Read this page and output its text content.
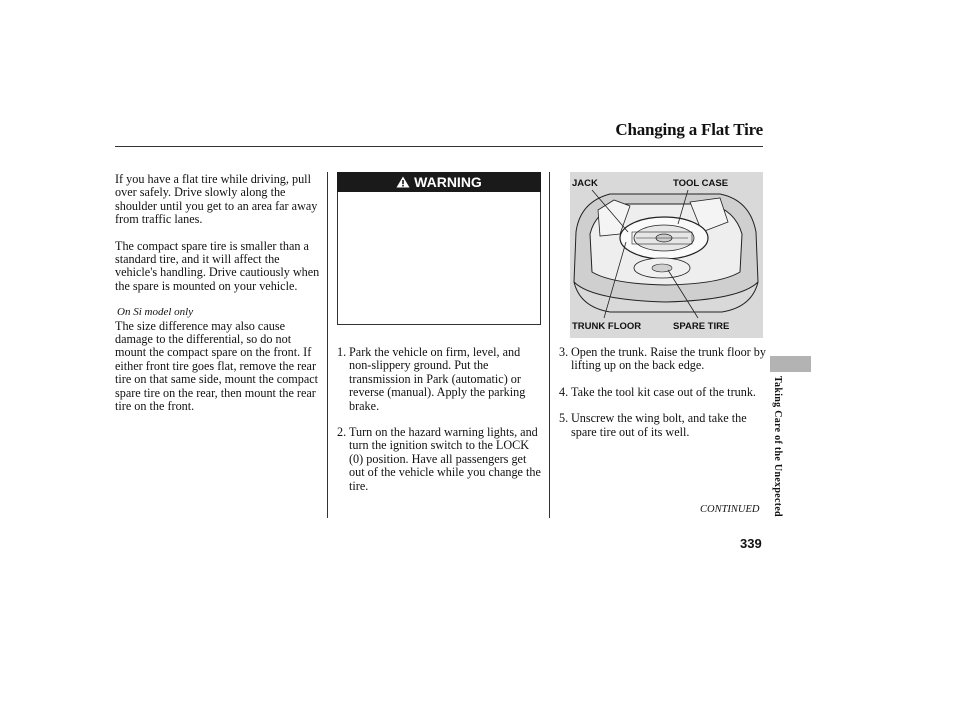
Changing a Flat Tire

If you have a flat tire while driving, pull over safely. Drive slowly along the shoulder until you get to an area far away from traffic lanes.

The compact spare tire is smaller than a standard tire, and it will affect the vehicle's handling. Drive cautiously when the spare is mounted on your vehicle.

On Si model only

The size difference may also cause damage to the differential, so do not mount the compact spare on the front. If either front tire goes flat, remove the rear tire on that same side, mount the compact spare tire on the rear, then mount the rear tire on the front.

WARNING
1. Park the vehicle on firm, level, and non-slippery ground. Put the transmission in Park (automatic) or reverse (manual). Apply the parking brake.
2. Turn on the hazard warning lights, and turn the ignition switch to the LOCK (0) position. Have all passengers get out of the vehicle while you change the tire.
JACK	TOOL CASE
TRUNK FLOOR	SPARE TIRE
3. Open the trunk. Raise the trunk floor by lifting up on the back edge.
4. Take the tool kit case out of the trunk.
5. Unscrew the wing bolt, and take the spare tire out of its well.	Taking Care of the Unexpected
CONTINUED
339
